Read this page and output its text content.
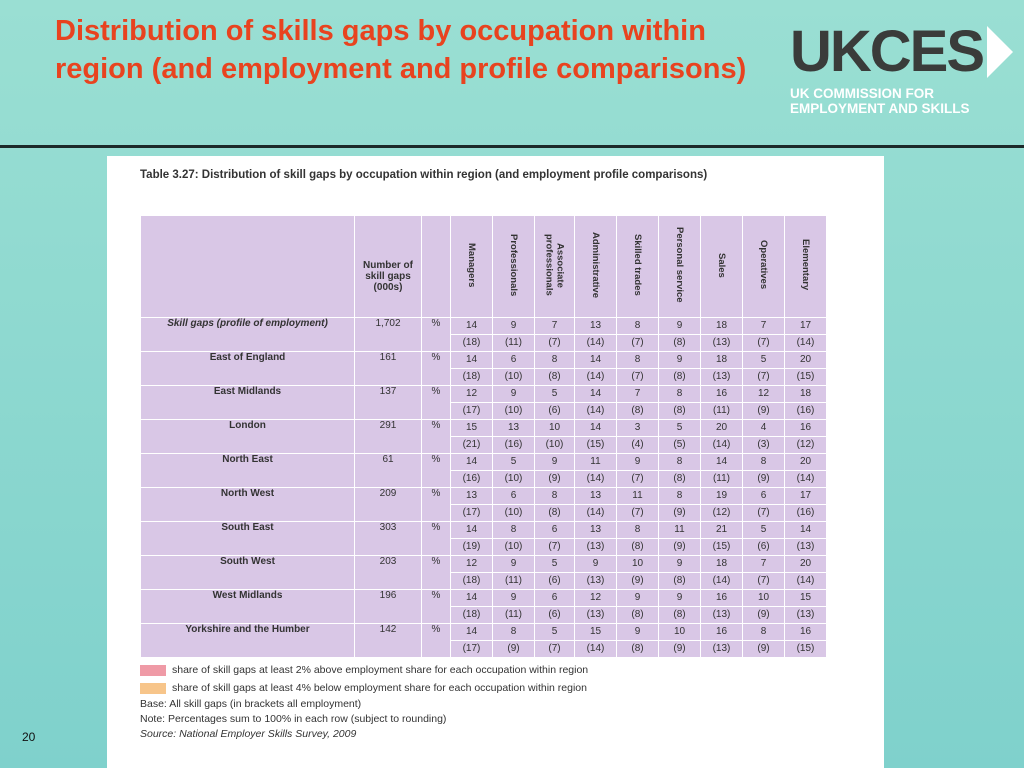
Distribution of skills gaps by occupation within region (and employment and profile comparisons) UKCES
UK COMMISSION FOR
EMPLOYMENT AND SKILLS
Table 3.27: Distribution of skill gaps by occupation within region (and employment profile comparisons)
	Number of skill gaps (000s)		Managers	Professionals	Associate professionals	Administrative	Skilled trades	Personal service	Sales	Operatives	Elementary
Skill gaps (profile of employment)	1,702	%	14	9	7	13	8	9	18	7	17
			(18)	(11)	(7)	(14)	(7)	(8)	(13)	(7)	(14)
East of England	161	%	14	6	8	14	8	9	18	5	20
			(18)	(10)	(8)	(14)	(7)	(8)	(13)	(7)	(15)
East Midlands	137	%	12	9	5	14	7	8	16	12	18
			(17)	(10)	(6)	(14)	(8)	(8)	(11)	(9)	(16)
London	291	%	15	13	10	14	3	5	20	4	16
			(21)	(16)	(10)	(15)	(4)	(5)	(14)	(3)	(12)
North East	61	%	14	5	9	11	9	8	14	8	20
			(16)	(10)	(9)	(14)	(7)	(8)	(11)	(9)	(14)
North West	209	%	13	6	8	13	11	8	19	6	17
			(17)	(10)	(8)	(14)	(7)	(9)	(12)	(7)	(16)
South East	303	%	14	8	6	13	8	11	21	5	14
			(19)	(10)	(7)	(13)	(8)	(9)	(15)	(6)	(13)
South West	203	%	12	9	5	9	10	9	18	7	20
			(18)	(11)	(6)	(13)	(9)	(8)	(14)	(7)	(14)
West Midlands	196	%	14	9	6	12	9	9	16	10	15
			(18)	(11)	(6)	(13)	(8)	(8)	(13)	(9)	(13)
Yorkshire and the Humber	142	%	14	8	5	15	9	10	16	8	16
			(17)	(9)	(7)	(14)	(8)	(9)	(13)	(9)	(15)
share of skill gaps at least 2% above employment share for each occupation within region
share of skill gaps at least 4% below employment share for each occupation within region
Base: All skill gaps (in brackets all employment)
Note: Percentages sum to 100% in each row (subject to rounding)
Source: National Employer Skills Survey, 2009
20
